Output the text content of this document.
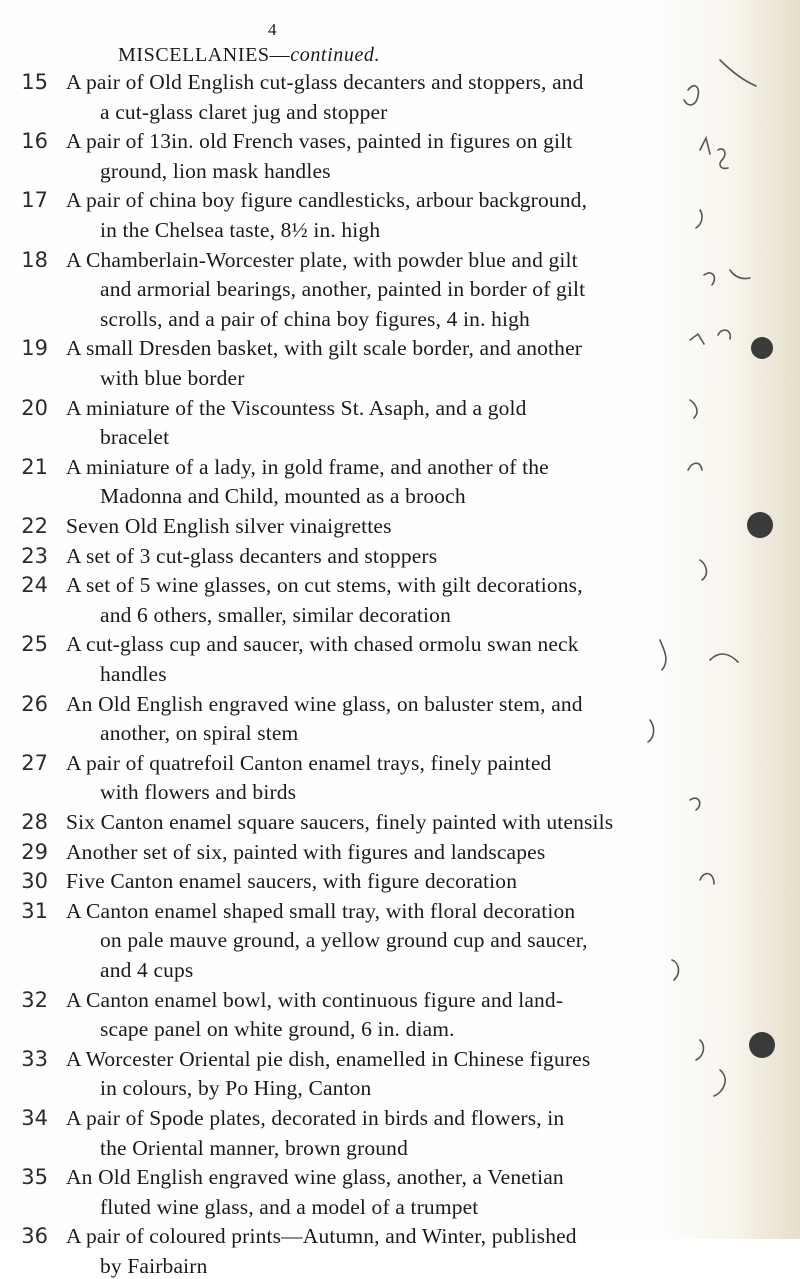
4
MISCELLANIES—continued.
15 A pair of Old English cut-glass decanters and stoppers, and
a cut-glass claret jug and stopper
16 A pair of 13in. old French vases, painted in figures on gilt
ground, lion mask handles
17 A pair of china boy figure candlesticks, arbour background,
in the Chelsea taste, 8½ in. high
18 A Chamberlain-Worcester plate, with powder blue and gilt
and armorial bearings, another, painted in border of gilt
scrolls, and a pair of china boy figures, 4 in. high
19 A small Dresden basket, with gilt scale border, and another
with blue border
20 A miniature of the Viscountess St. Asaph, and a gold
bracelet
21 A miniature of a lady, in gold frame, and another of the
Madonna and Child, mounted as a brooch
22 Seven Old English silver vinaigrettes
23 A set of 3 cut-glass decanters and stoppers
24 A set of 5 wine glasses, on cut stems, with gilt decorations,
and 6 others, smaller, similar decoration
25 A cut-glass cup and saucer, with chased ormolu swan neck
handles
26 An Old English engraved wine glass, on baluster stem, and
another, on spiral stem
27 A pair of quatrefoil Canton enamel trays, finely painted
with flowers and birds
28 Six Canton enamel square saucers, finely painted with utensils
29 Another set of six, painted with figures and landscapes
30 Five Canton enamel saucers, with figure decoration
31 A Canton enamel shaped small tray, with floral decoration
on pale mauve ground, a yellow ground cup and saucer,
and 4 cups
32 A Canton enamel bowl, with continuous figure and land-
scape panel on white ground, 6 in. diam.
33 A Worcester Oriental pie dish, enamelled in Chinese figures
in colours, by Po Hing, Canton
34 A pair of Spode plates, decorated in birds and flowers, in
the Oriental manner, brown ground
35 An Old English engraved wine glass, another, a Venetian
fluted wine glass, and a model of a trumpet
36 A pair of coloured prints—Autumn, and Winter, published
by Fairbairn
